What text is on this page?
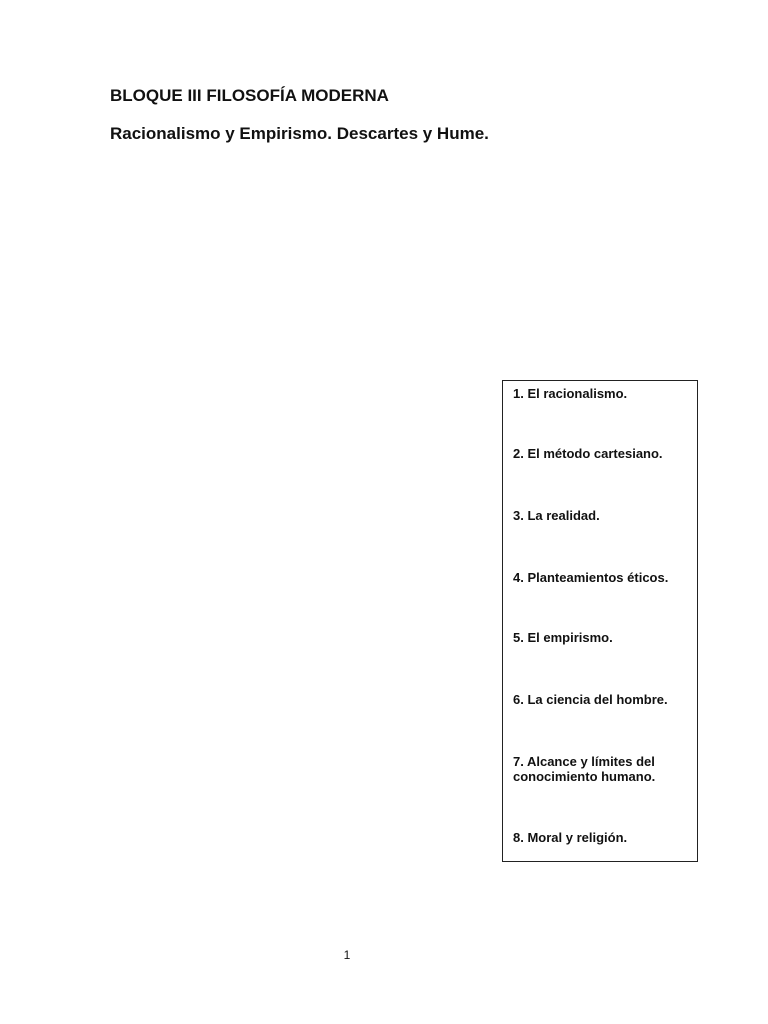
BLOQUE III FILOSOFÍA MODERNA
Racionalismo y Empirismo. Descartes y Hume.

1. El racionalismo.

2. El método cartesiano.

3. La realidad.

4. Planteamientos éticos.

5. El empirismo.

6. La ciencia del hombre.

7. Alcance y límites del conocimiento humano.

8. Moral y religión.

1
